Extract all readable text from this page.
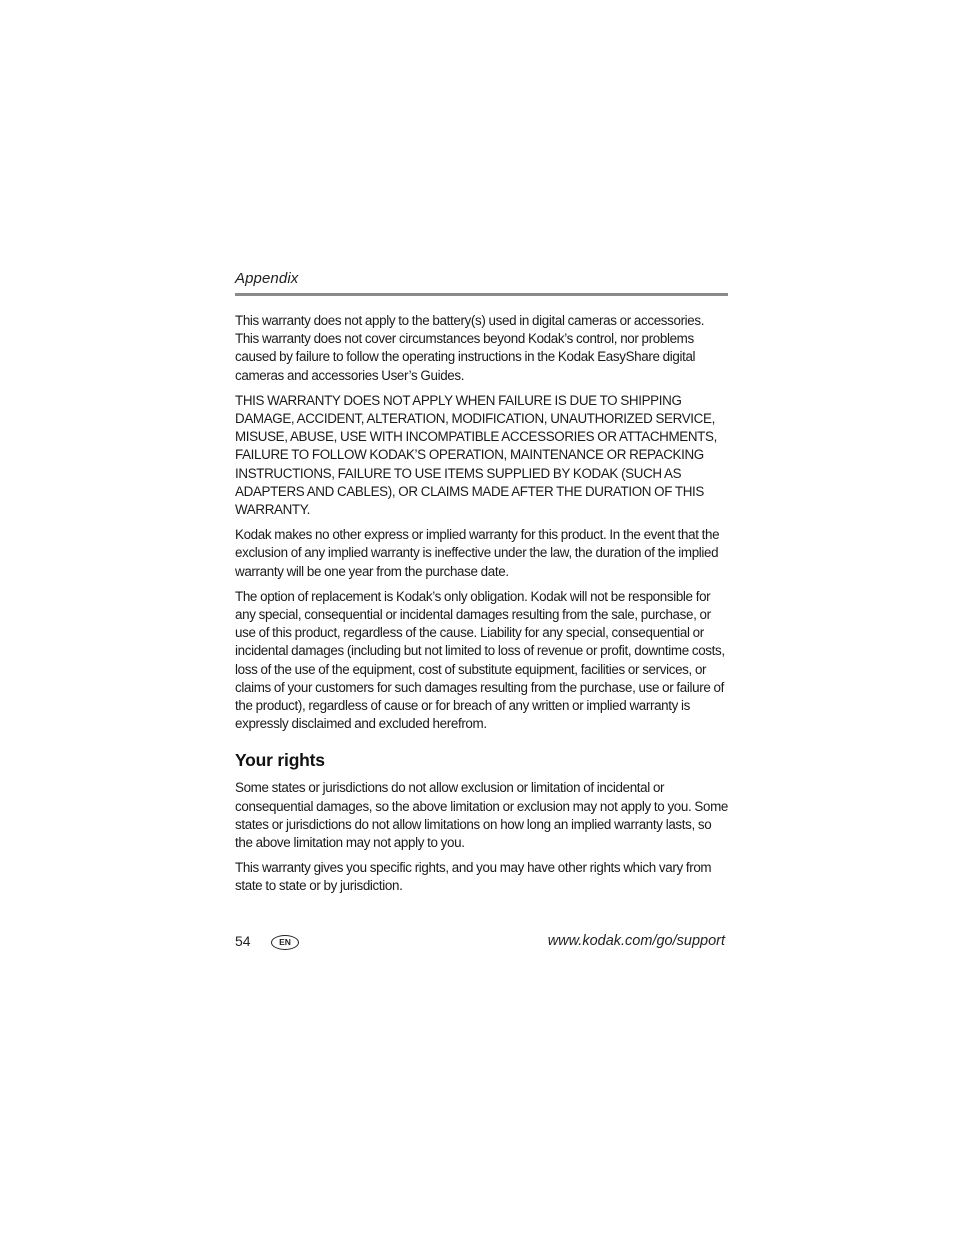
Appendix

This warranty does not apply to the battery(s) used in digital cameras or accessories. This warranty does not cover circumstances beyond Kodak’s control, nor problems caused by failure to follow the operating instructions in the Kodak EasyShare digital cameras and accessories User’s Guides.

THIS WARRANTY DOES NOT APPLY WHEN FAILURE IS DUE TO SHIPPING DAMAGE, ACCIDENT, ALTERATION, MODIFICATION, UNAUTHORIZED SERVICE, MISUSE, ABUSE, USE WITH INCOMPATIBLE ACCESSORIES OR ATTACHMENTS, FAILURE TO FOLLOW KODAK’S OPERATION, MAINTENANCE OR REPACKING INSTRUCTIONS, FAILURE TO USE ITEMS SUPPLIED BY KODAK (SUCH AS ADAPTERS AND CABLES), OR CLAIMS MADE AFTER THE DURATION OF THIS WARRANTY.

Kodak makes no other express or implied warranty for this product. In the event that the exclusion of any implied warranty is ineffective under the law, the duration of the implied warranty will be one year from the purchase date.

The option of replacement is Kodak’s only obligation. Kodak will not be responsible for any special, consequential or incidental damages resulting from the sale, purchase, or use of this product, regardless of the cause. Liability for any special, consequential or incidental damages (including but not limited to loss of revenue or profit, downtime costs, loss of the use of the equipment, cost of substitute equipment, facilities or services, or claims of your customers for such damages resulting from the purchase, use or failure of the product), regardless of cause or for breach of any written or implied warranty is expressly disclaimed and excluded herefrom.

Your rights

Some states or jurisdictions do not allow exclusion or limitation of incidental or consequential damages, so the above limitation or exclusion may not apply to you. Some states or jurisdictions do not allow limitations on how long an implied warranty lasts, so the above limitation may not apply to you.

This warranty gives you specific rights, and you may have other rights which vary from state to state or by jurisdiction.

54	EN	www.kodak.com/go/support
